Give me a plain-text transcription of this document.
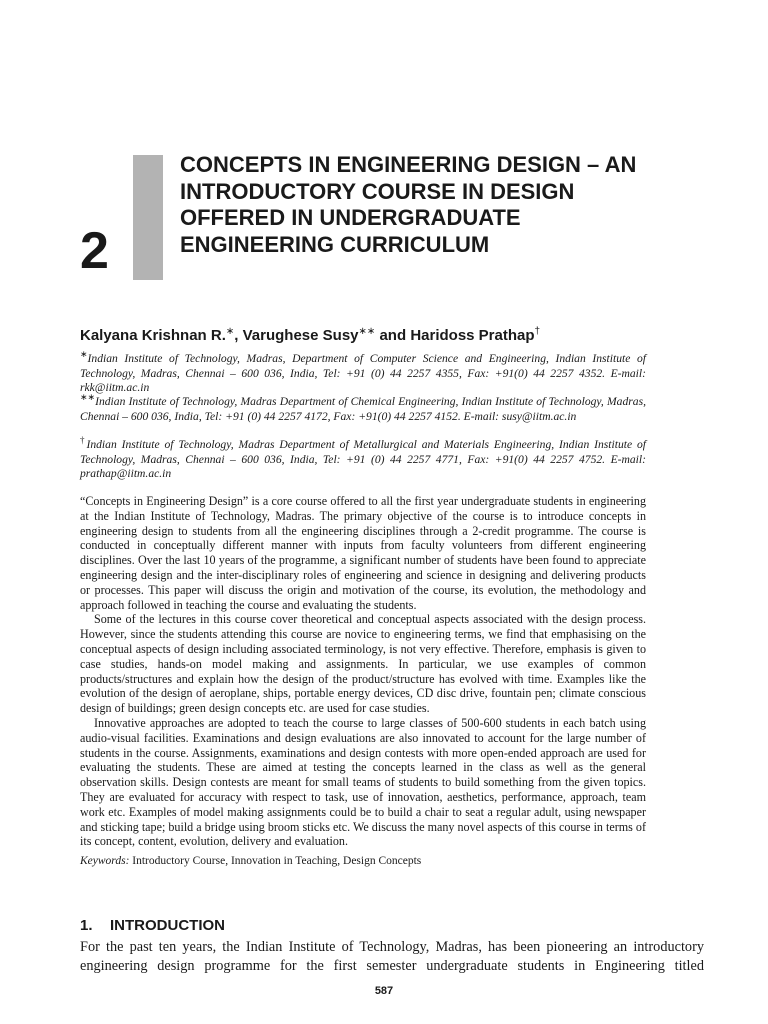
2
CONCEPTS IN ENGINEERING DESIGN – AN INTRODUCTORY COURSE IN DESIGN OFFERED IN UNDERGRADUATE ENGINEERING CURRICULUM

Kalyana Krishnan R.∗, Varughese Susy∗∗ and Haridoss Prathap†

∗Indian Institute of Technology, Madras, Department of Computer Science and Engineering, Indian Institute of Technology, Madras, Chennai – 600 036, India, Tel: +91 (0) 44 2257 4355, Fax: +91(0) 44 2257 4352. E-mail: rkk@iitm.ac.in

∗∗Indian Institute of Technology, Madras Department of Chemical Engineering, Indian Institute of Technology, Madras, Chennai – 600 036, India, Tel: +91 (0) 44 2257 4172, Fax: +91(0) 44 2257 4152. E-mail: susy@iitm.ac.in

†Indian Institute of Technology, Madras Department of Metallurgical and Materials Engineering, Indian Institute of Technology, Madras, Chennai – 600 036, India, Tel: +91 (0) 44 2257 4771, Fax: +91(0) 44 2257 4752. E-mail: prathap@iitm.ac.in

“Concepts in Engineering Design” is a core course offered to all the first year undergraduate students in engineering at the Indian Institute of Technology, Madras. The primary objective of the course is to introduce concepts in engineering design to students from all the engineering disciplines through a 2-credit programme. The course is conducted in conceptually different manner with inputs from faculty volunteers from different engineering disciplines. Over the last 10 years of the programme, a significant number of students have been found to appreciate engineering design and the inter-disciplinary roles of engineering and science in designing and delivering products or processes. This paper will discuss the origin and motivation of the course, its evolution, the methodology and approach followed in teaching the course and evaluating the students.

Some of the lectures in this course cover theoretical and conceptual aspects associated with the design process. However, since the students attending this course are novice to engineering terms, we find that emphasising on the conceptual aspects of design including associated terminology, is not very effective. Therefore, emphasis is given to case studies, hands-on model making and assignments. In particular, we use examples of common products/structures and explain how the design of the product/structure has evolved with time. Examples like the evolution of the design of aeroplane, ships, portable energy devices, CD disc drive, fountain pen; climate conscious design of buildings; green design concepts etc. are used for case studies.

Innovative approaches are adopted to teach the course to large classes of 500-600 students in each batch using audio-visual facilities. Examinations and design evaluations are also innovated to account for the large number of students in the course. Assignments, examinations and design contests with more open-ended approach are used for evaluating the students. These are aimed at testing the concepts learned in the class as well as the general observation skills. Design contests are meant for small teams of students to build something from the given topics. They are evaluated for accuracy with respect to task, use of innovation, aesthetics, performance, approach, team work etc. Examples of model making assignments could be to build a chair to seat a regular adult, using newspaper and sticking tape; build a bridge using broom sticks etc. We discuss the many novel aspects of this course in terms of its concept, content, evolution, delivery and evaluation.

Keywords: Introductory Course, Innovation in Teaching, Design Concepts
1. INTRODUCTION

For the past ten years, the Indian Institute of Technology, Madras, has been pioneering an introductory engineering design programme for the first semester undergraduate students in Engineering titled

587
